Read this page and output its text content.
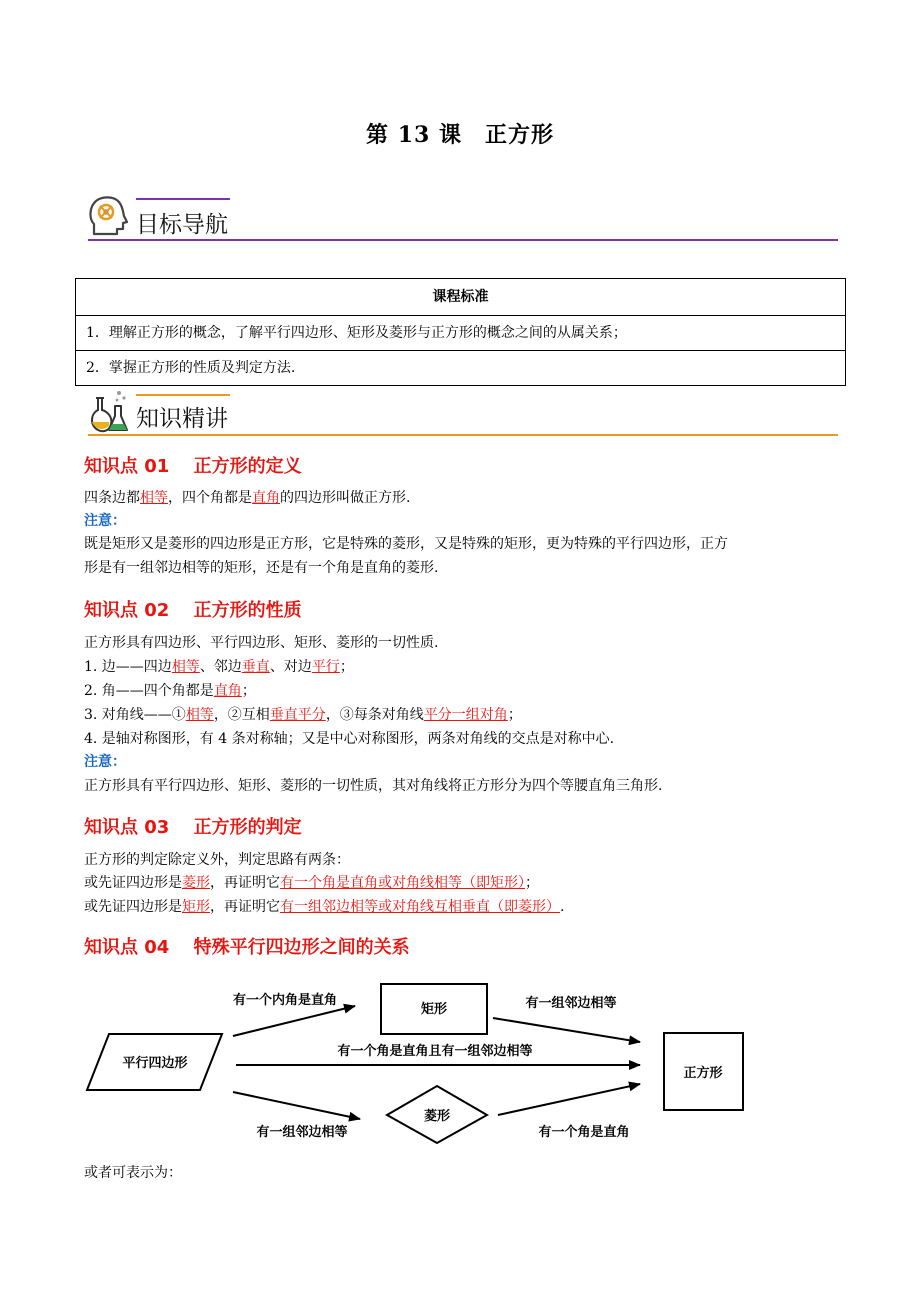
第 13 课　正方形
目标导航
课程标准
1．理解正方形的概念，了解平行四边形、矩形及菱形与正方形的概念之间的从属关系；
2．掌握正方形的性质及判定方法.
知识精讲
知识点 01　 正方形的定义
四条边都相等，四个角都是直角的四边形叫做正方形.
注意：
既是矩形又是菱形的四边形是正方形，它是特殊的菱形，又是特殊的矩形，更为特殊的平行四边形，正方
形是有一组邻边相等的矩形，还是有一个角是直角的菱形.
知识点 02　 正方形的性质
正方形具有四边形、平行四边形、矩形、菱形的一切性质.
1. 边——四边相等、邻边垂直、对边平行；
2. 角——四个角都是直角；
3. 对角线——①相等，②互相垂直平分，③每条对角线平分一组对角；
4. 是轴对称图形，有 4 条对称轴；又是中心对称图形，两条对角线的交点是对称中心.
注意：
正方形具有平行四边形、矩形、菱形的一切性质，其对角线将正方形分为四个等腰直角三角形.
知识点 03　 正方形的判定
正方形的判定除定义外，判定思路有两条：
或先证四边形是菱形，再证明它有一个角是直角或对角线相等（即矩形）；
或先证四边形是矩形，再证明它有一组邻边相等或对角线互相垂直（即菱形）.
知识点 04　 特殊平行四边形之间的关系
平行四边形
矩形
菱形
正方形
有一个内角是直角	有一组邻边相等
有一个角是直角且有一组邻边相等
有一组邻边相等	有一个角是直角
或者可表示为：
